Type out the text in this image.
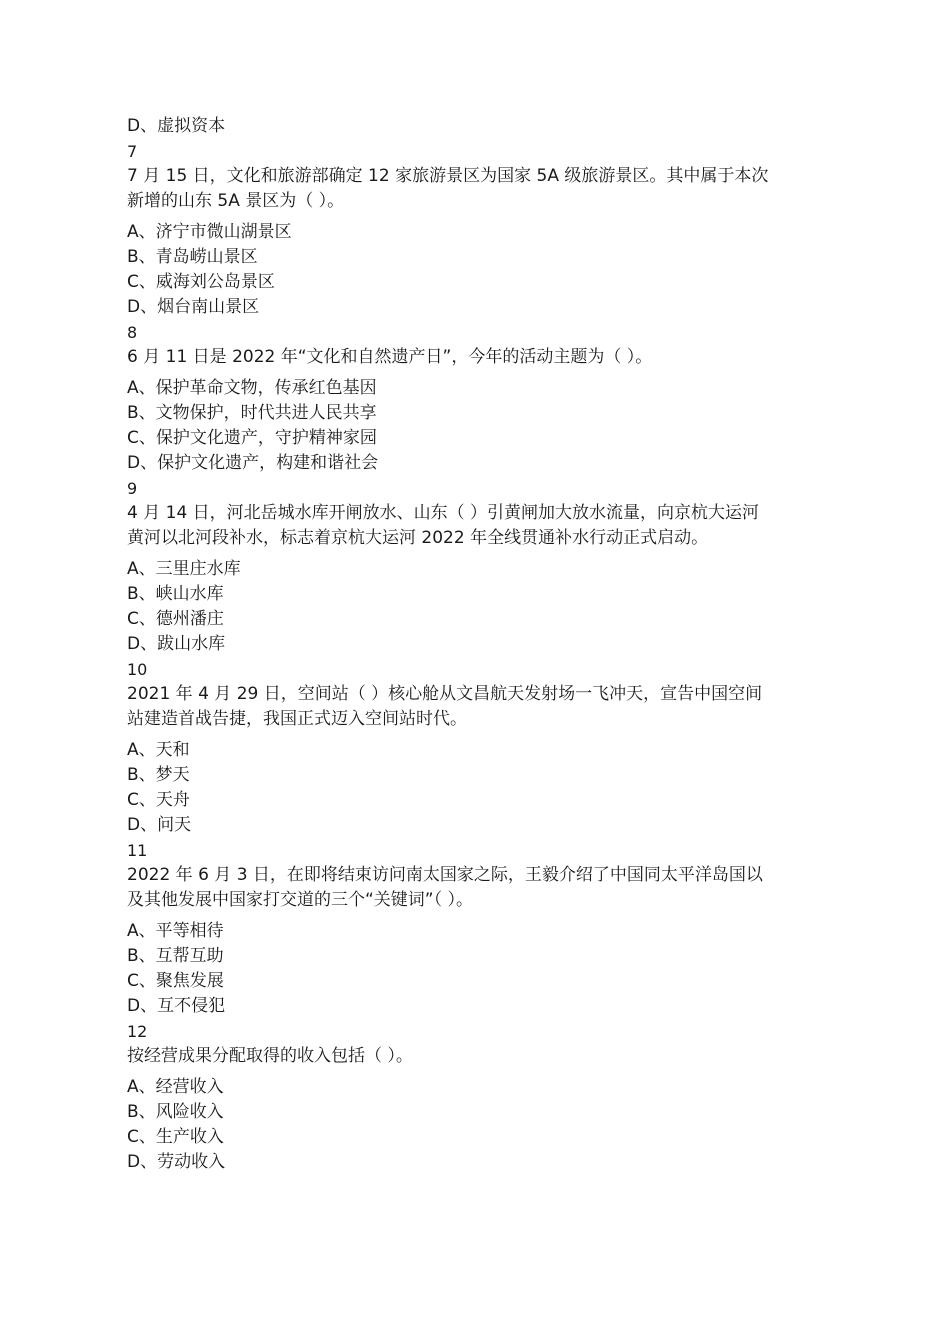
D、虚拟资本
7
7 月 15 日，文化和旅游部确定 12 家旅游景区为国家 5A 级旅游景区。其中属于本次
新增的山东 5A 景区为（ ）。
A、济宁市微山湖景区
B、青岛崂山景区
C、威海刘公岛景区
D、烟台南山景区
8
6 月 11 日是 2022 年“文化和自然遗产日”，今年的活动主题为（ ）。
A、保护革命文物，传承红色基因
B、文物保护，时代共进人民共享
C、保护文化遗产，守护精神家园
D、保护文化遗产，构建和谐社会
9
4 月 14 日，河北岳城水库开闸放水、山东（ ）引黄闸加大放水流量，向京杭大运河
黄河以北河段补水，标志着京杭大运河 2022 年全线贯通补水行动正式启动。
A、三里庄水库
B、峡山水库
C、德州潘庄
D、跋山水库
10
2021 年 4 月 29 日，空间站（ ）核心舱从文昌航天发射场一飞冲天，宣告中国空间
站建造首战告捷，我国正式迈入空间站时代。
A、天和
B、梦天
C、天舟
D、问天
11
2022 年 6 月 3 日，在即将结束访问南太国家之际，王毅介绍了中国同太平洋岛国以
及其他发展中国家打交道的三个“关键词”（ ）。
A、平等相待
B、互帮互助
C、聚焦发展
D、互不侵犯
12
按经营成果分配取得的收入包括（ ）。
A、经营收入
B、风险收入
C、生产收入
D、劳动收入
